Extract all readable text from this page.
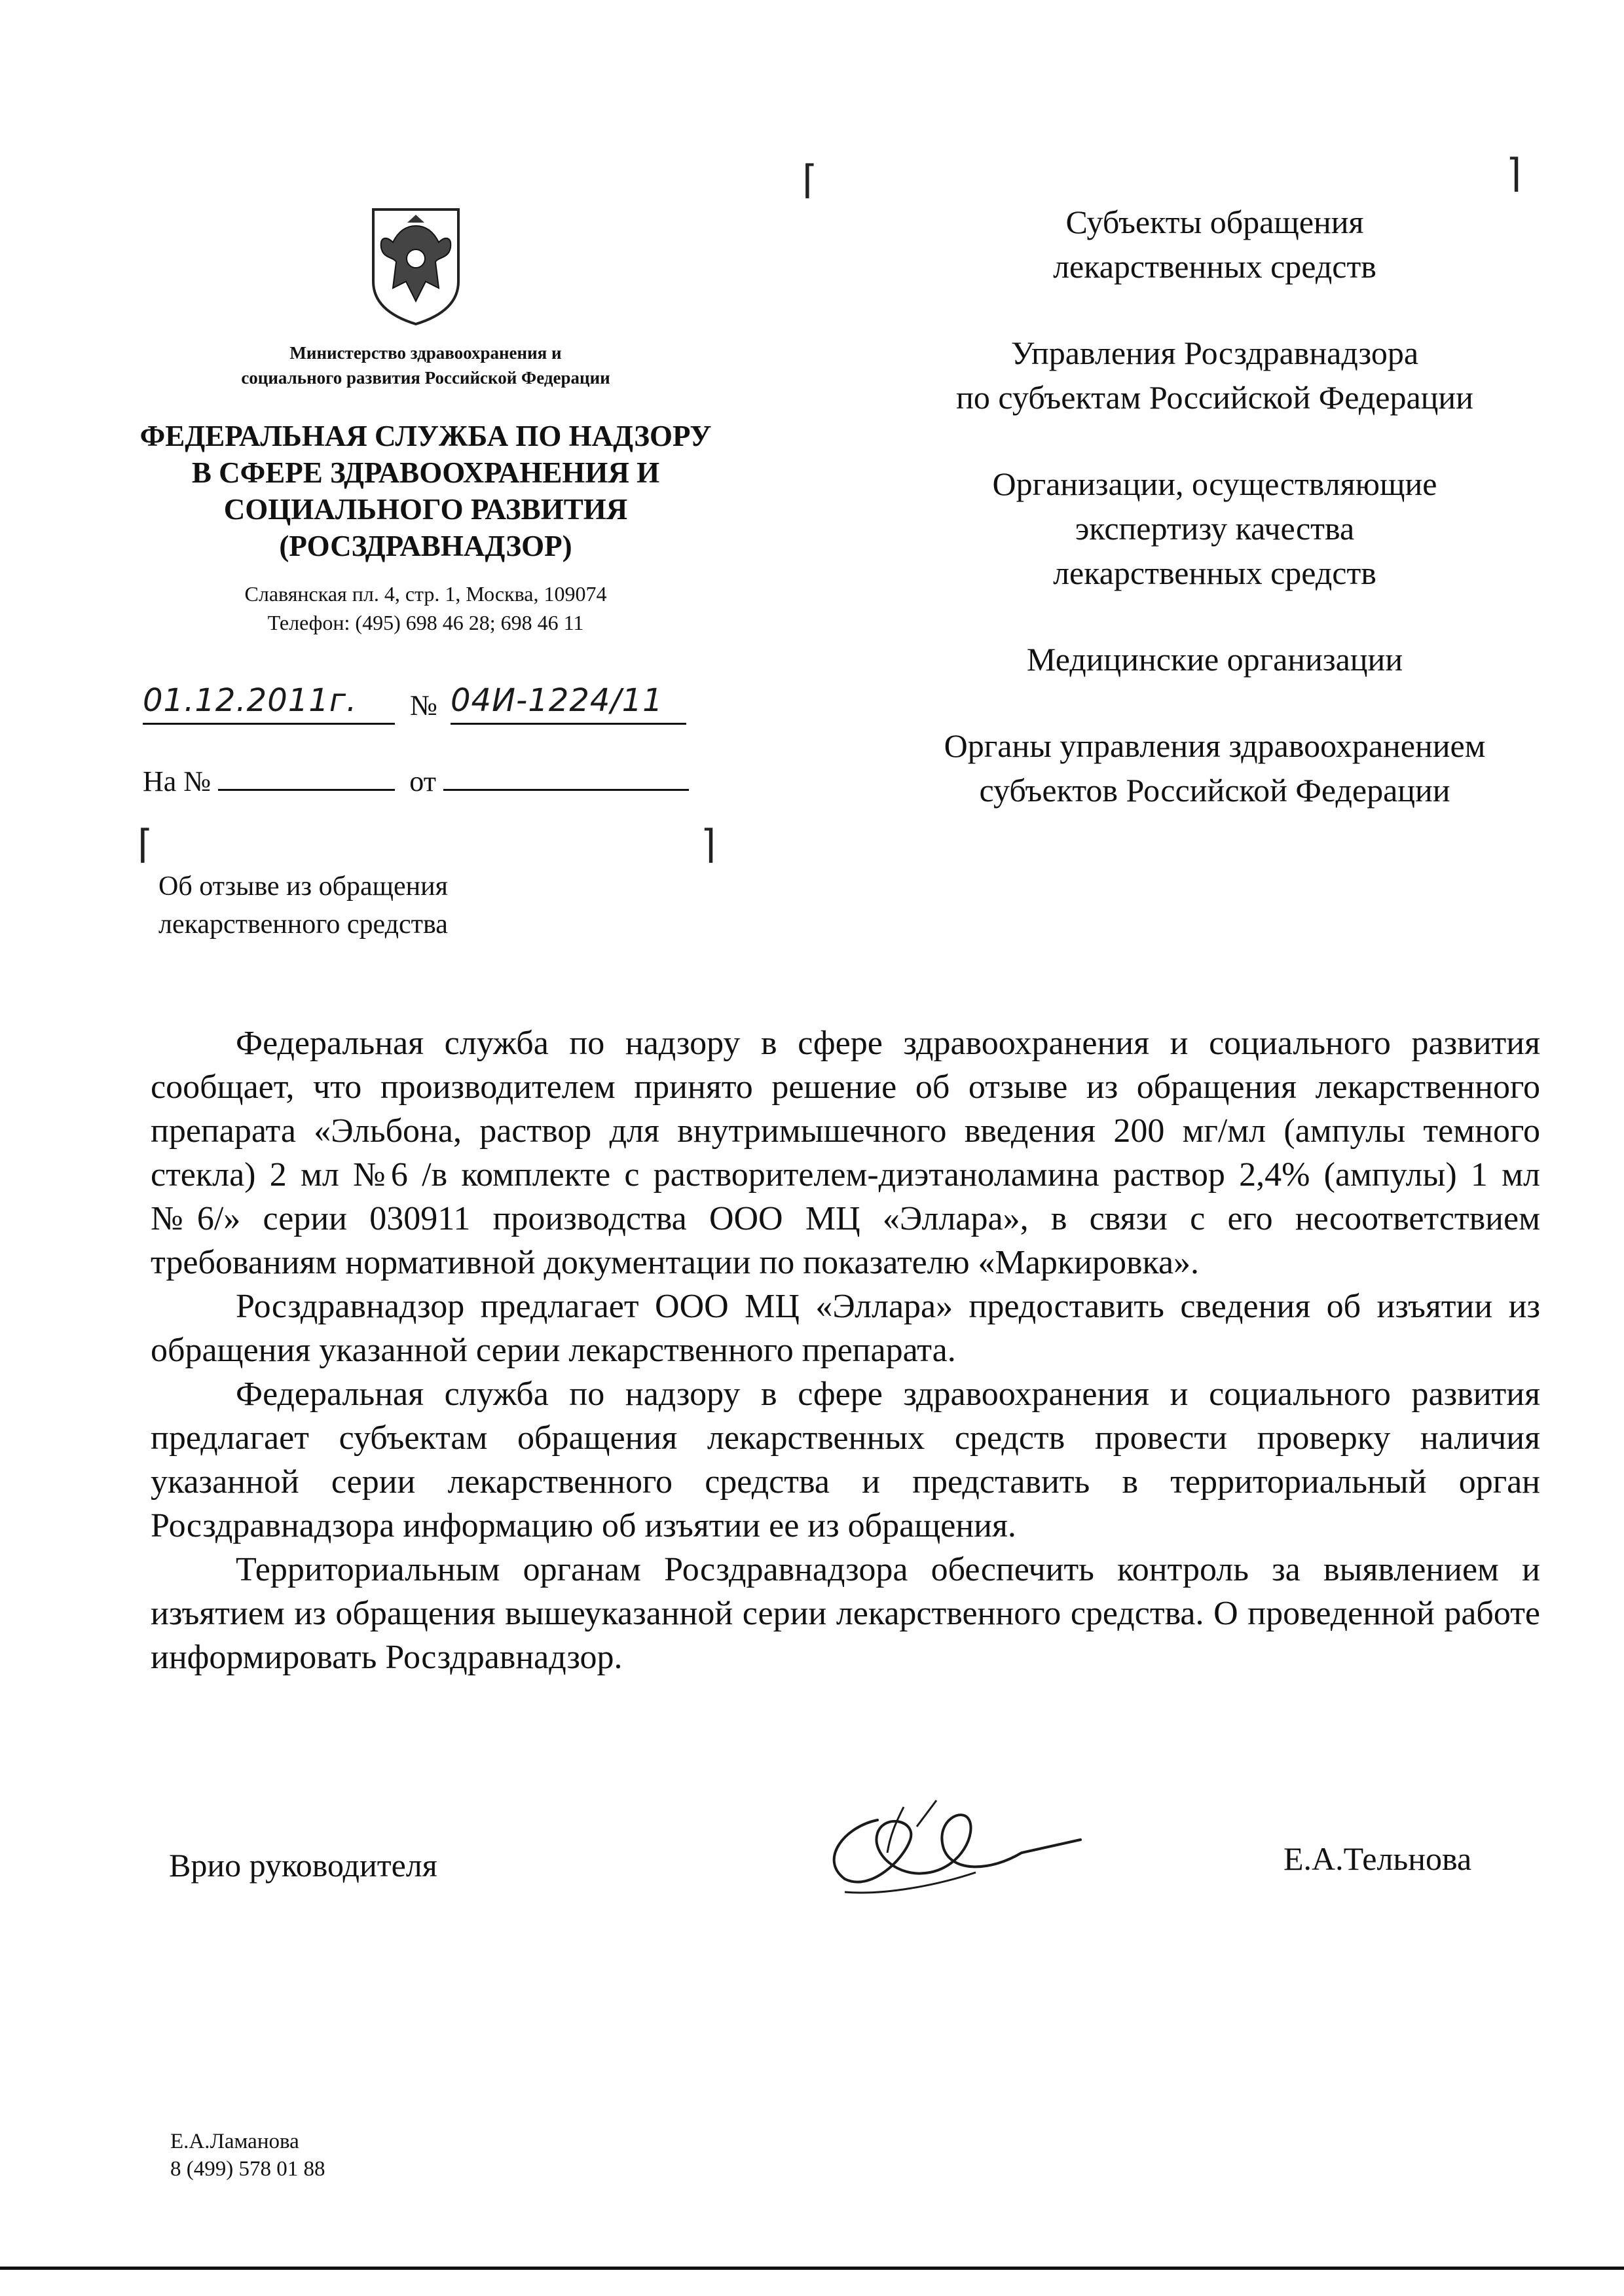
Министерство здравоохранения и
социального развития Российской Федерации
ФЕДЕРАЛЬНАЯ СЛУЖБА ПО НАДЗОРУ
В СФЕРЕ ЗДРАВООХРАНЕНИЯ И
СОЦИАЛЬНОГО РАЗВИТИЯ
(РОСЗДРАВНАДЗОР)
Славянская пл. 4, стр. 1, Москва, 109074
Телефон: (495) 698 46 28; 698 46 11
01.12.2011г.	№ 04И-1224/11
На №	от
⌈	⌉
⌈	⌉
Об отзыве из обращения
лекарственного средства
Субъекты обращения
лекарственных средств
Управления Росздравнадзора
по субъектам Российской Федерации
Организации, осуществляющие
экспертизу качества
лекарственных средств
Медицинские организации
Органы управления здравоохранением
субъектов Российской Федерации

Федеральная служба по надзору в сфере здравоохранения и социального развития сообщает, что производителем принято решение об отзыве из обращения лекарственного препарата «Эльбона, раствор для внутримышечного введения 200 мг/мл (ампулы темного стекла) 2 мл №6 /в комплекте с растворителем-диэтаноламина раствор 2,4% (ампулы) 1 мл №6/» серии 030911 производства ООО МЦ «Эллара», в связи с его несоответствием требованиям нормативной документации по показателю «Маркировка».

Росздравнадзор предлагает ООО МЦ «Эллара» предоставить сведения об изъятии из обращения указанной серии лекарственного препарата.

Федеральная служба по надзору в сфере здравоохранения и социального развития предлагает субъектам обращения лекарственных средств провести проверку наличия указанной серии лекарственного средства и представить в территориальный орган Росздравнадзора информацию об изъятии ее из обращения.

Территориальным органам Росздравнадзора обеспечить контроль за выявлением и изъятием из обращения вышеуказанной серии лекарственного средства. О проведенной работе информировать Росздравнадзор.

Врио руководителя	Е.А.Тельнова
Е.А.Ламанова
8 (499) 578 01 88
